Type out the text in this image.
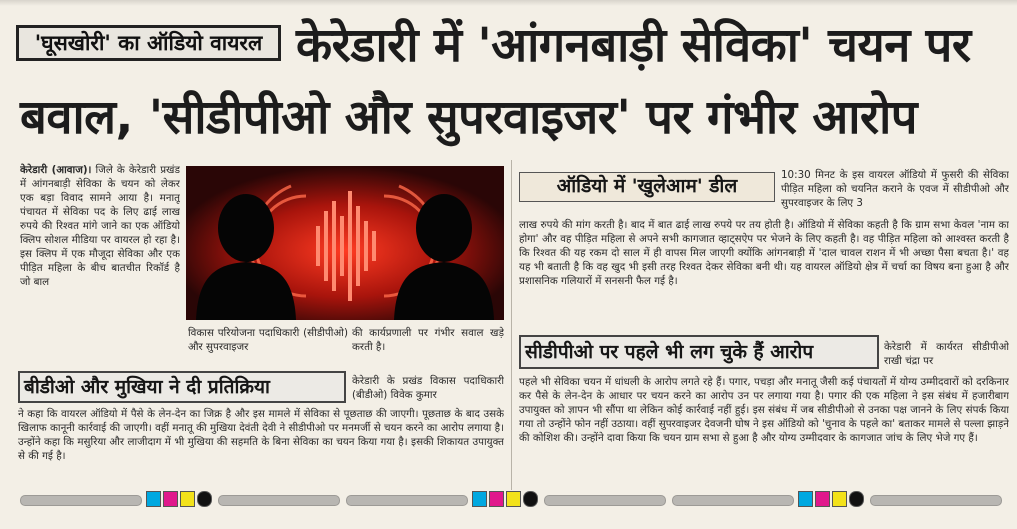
'घूसखोरी' का ऑडियो वायरल केरेडारी में 'आंगनबाड़ी सेविका' चयन पर
बवाल, 'सीडीपीओ और सुपरवाइजर' पर गंभीर आरोप
केरेडारी (आवाज)। जिले के केरेडारी प्रखंड में आंगनबाड़ी सेविका के चयन को लेकर एक बड़ा विवाद सामने आया है। मनातू पंचायत में सेविका पद के लिए ढाई लाख रुपये की रिश्वत मांगे जाने का एक ऑडियो क्लिप सोशल मीडिया पर वायरल हो रहा है। इस क्लिप में एक मौजूदा सेविका और एक पीड़ित महिला के बीच बातचीत रिकॉर्ड है जो बाल
विकास परियोजना पदाधिकारी (सीडीपीओ) और सुपरवाइजर
की कार्यप्रणाली पर गंभीर सवाल खड़े करती है।
ऑडियो में 'खुलेआम' डील	10:30 मिनट के इस वायरल ऑडियो में फुसरी की सेविका पीड़ित महिला को चयनित कराने के एवज में सीडीपीओ और सुपरवाइजर के लिए 3
लाख रुपये की मांग करती है। बाद में बात ढाई लाख रुपये पर तय होती है। ऑडियो में सेविका कहती है कि ग्राम सभा केवल 'नाम का होगा' और वह पीड़ित महिला से अपने सभी कागजात व्हाट्सऐप पर भेजने के लिए कहती है। वह पीड़ित महिला को आश्वस्त करती है कि रिश्वत की यह रकम दो साल में ही वापस मिल जाएगी क्योंकि आंगनबाड़ी में 'दाल चावल राशन में भी अच्छा पैसा बचता है।' वह यह भी बताती है कि वह खुद भी इसी तरह रिश्वत देकर सेविका बनी थी। यह वायरल ऑडियो क्षेत्र में चर्चा का विषय बना हुआ है और प्रशासनिक गलियारों में सनसनी फैल गई है।
सीडीपीओ पर पहले भी लग चुके हैं आरोप	केरेडारी में कार्यरत सीडीपीओ राखी चंद्रा पर
पहले भी सेविका चयन में धांधली के आरोप लगते रहे हैं। पगार, पचड़ा और मनातू जैसी कई पंचायतों में योग्य उम्मीदवारों को दरकिनार कर पैसे के लेन-देन के आधार पर चयन करने का आरोप उन पर लगाया गया है। पगार की एक महिला ने इस संबंध में हजारीबाग उपायुक्त को ज्ञापन भी सौंपा था लेकिन कोई कार्रवाई नहीं हुई। इस संबंध में जब सीडीपीओ से उनका पक्ष जानने के लिए संपर्क किया गया तो उन्होंने फोन नहीं उठाया। वहीं सुपरवाइजर देवजनी घोष ने इस ऑडियो को 'चुनाव के पहले का' बताकर मामले से पल्ला झाड़ने की कोशिश की। उन्होंने दावा किया कि चयन ग्राम सभा से हुआ है और योग्य उम्मीदवार के कागजात जांच के लिए भेजे गए हैं।
बीडीओ और मुखिया ने दी प्रतिक्रिया	केरेडारी के प्रखंड विकास पदाधिकारी (बीडीओ) विवेक कुमार
ने कहा कि वायरल ऑडियो में पैसे के लेन-देन का जिक्र है और इस मामले में सेविका से पूछताछ की जाएगी। पूछताछ के बाद उसके खिलाफ कानूनी कार्रवाई की जाएगी। वहीं मनातू की मुखिया देवंती देवी ने सीडीपीओ पर मनमर्जी से चयन करने का आरोप लगाया है। उन्होंने कहा कि मसुरिया और लाजीदाग में भी मुखिया की सहमति के बिना सेविका का चयन किया गया है। इसकी शिकायत उपायुक्त से की गई है।
